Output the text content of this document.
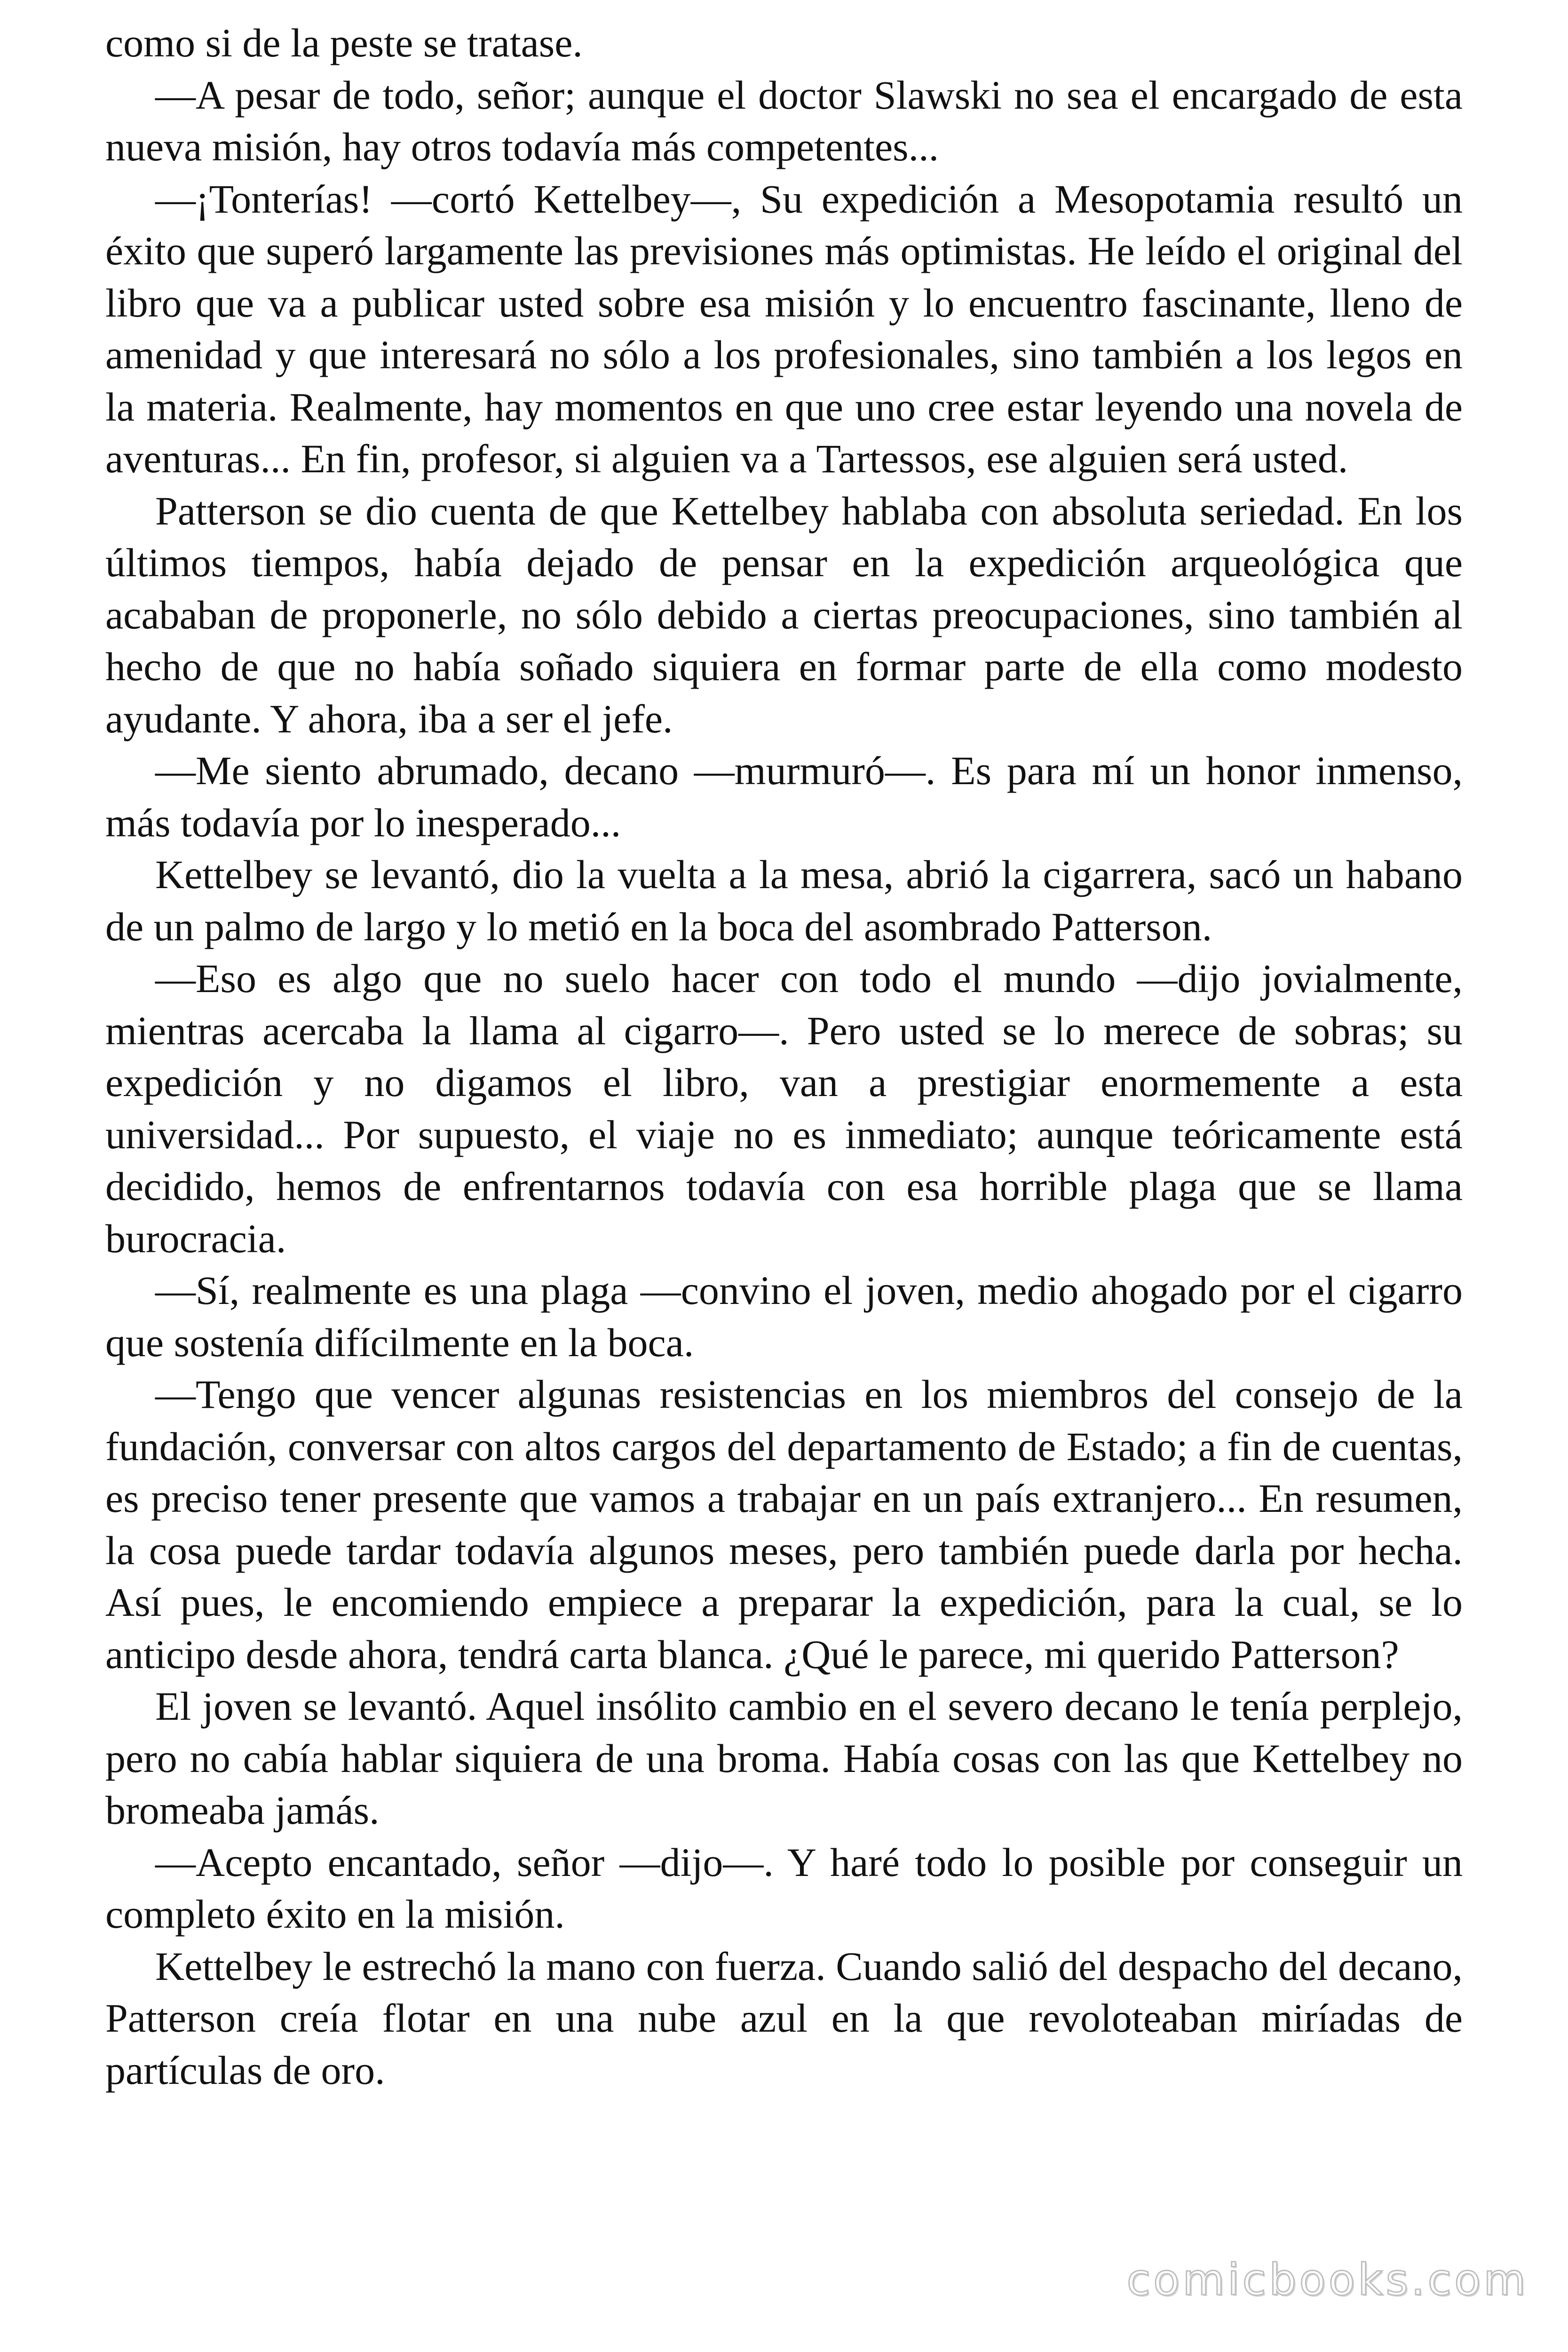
como si de la peste se tratase.

—A pesar de todo, señor; aunque el doctor Slawski no sea el encargado de esta nueva misión, hay otros todavía más competentes...

—¡Tonterías! —cortó Kettelbey—, Su expedición a Mesopotamia resultó un éxito que superó largamente las previsiones más optimistas. He leído el original del libro que va a publicar usted sobre esa misión y lo encuentro fascinante, lleno de amenidad y que interesará no sólo a los profesionales, sino también a los legos en la materia. Realmente, hay momentos en que uno cree estar leyendo una novela de aventuras... En fin, profesor, si alguien va a Tartessos, ese alguien será usted.

Patterson se dio cuenta de que Kettelbey hablaba con absoluta seriedad. En los últimos tiempos, había dejado de pensar en la expedición arqueológica que acababan de proponerle, no sólo debido a ciertas preocupaciones, sino también al hecho de que no había soñado siquiera en formar parte de ella como modesto ayudante. Y ahora, iba a ser el jefe.

—Me siento abrumado, decano —murmuró—. Es para mí un honor inmenso, más todavía por lo inesperado...

Kettelbey se levantó, dio la vuelta a la mesa, abrió la cigarrera, sacó un habano de un palmo de largo y lo metió en la boca del asombrado Patterson.

—Eso es algo que no suelo hacer con todo el mundo —dijo jovialmente, mientras acercaba la llama al cigarro—. Pero usted se lo merece de sobras; su expedición y no digamos el libro, van a prestigiar enormemente a esta universidad... Por supuesto, el viaje no es inmediato; aunque teóricamente está decidido, hemos de enfrentarnos todavía con esa horrible plaga que se llama burocracia.

—Sí, realmente es una plaga —convino el joven, medio ahogado por el cigarro que sostenía difícilmente en la boca.

—Tengo que vencer algunas resistencias en los miembros del consejo de la fundación, conversar con altos cargos del departamento de Estado; a fin de cuentas, es preciso tener presente que vamos a trabajar en un país extranjero... En resumen, la cosa puede tardar todavía algunos meses, pero también puede darla por hecha. Así pues, le encomiendo empiece a preparar la expedición, para la cual, se lo anticipo desde ahora, tendrá carta blanca. ¿Qué le parece, mi querido Patterson?

El joven se levantó. Aquel insólito cambio en el severo decano le tenía perplejo, pero no cabía hablar siquiera de una broma. Había cosas con las que Kettelbey no bromeaba jamás.

—Acepto encantado, señor —dijo—. Y haré todo lo posible por conseguir un completo éxito en la misión.

Kettelbey le estrechó la mano con fuerza. Cuando salió del despacho del decano, Patterson creía flotar en una nube azul en la que revoloteaban miríadas de partículas de oro.

comicbooks.com
